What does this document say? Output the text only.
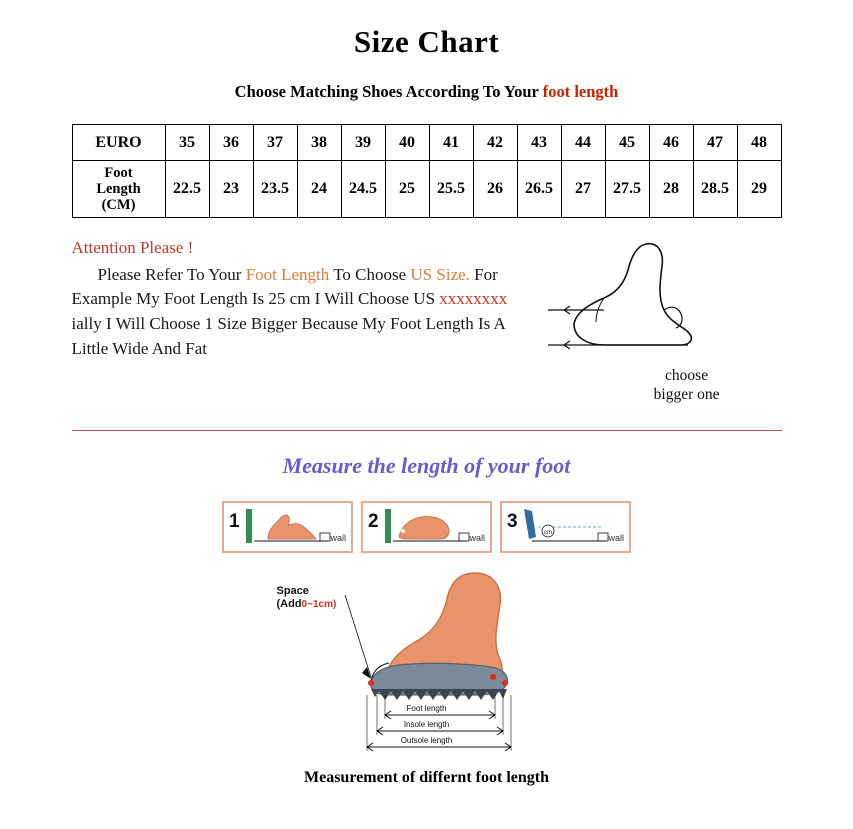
Size Chart
Choose Matching Shoes According To Your foot length
EURO	35	36	37	38	39	40	41	42	43	44	45	46	47	48

Foot
Length
(CM)	22.5	23	23.5	24	24.5	25	25.5	26	26.5	27	27.5	28	28.5	29
Attention Please !
Please Refer To Your Foot Length To Choose US Size. For Example My Foot Length Is 25 cm I Will Choose US xxxxxxxx ially I Will Choose 1 Size Bigger Because My Foot Length Is A Little Wide And Fat
choose
bigger one
Measure the length of your foot
1
wall
2
wall
3
cm	wall
Space
(Add0~1cm)
Foot length
Insole length
Outsole length
Measurement of differnt foot length
